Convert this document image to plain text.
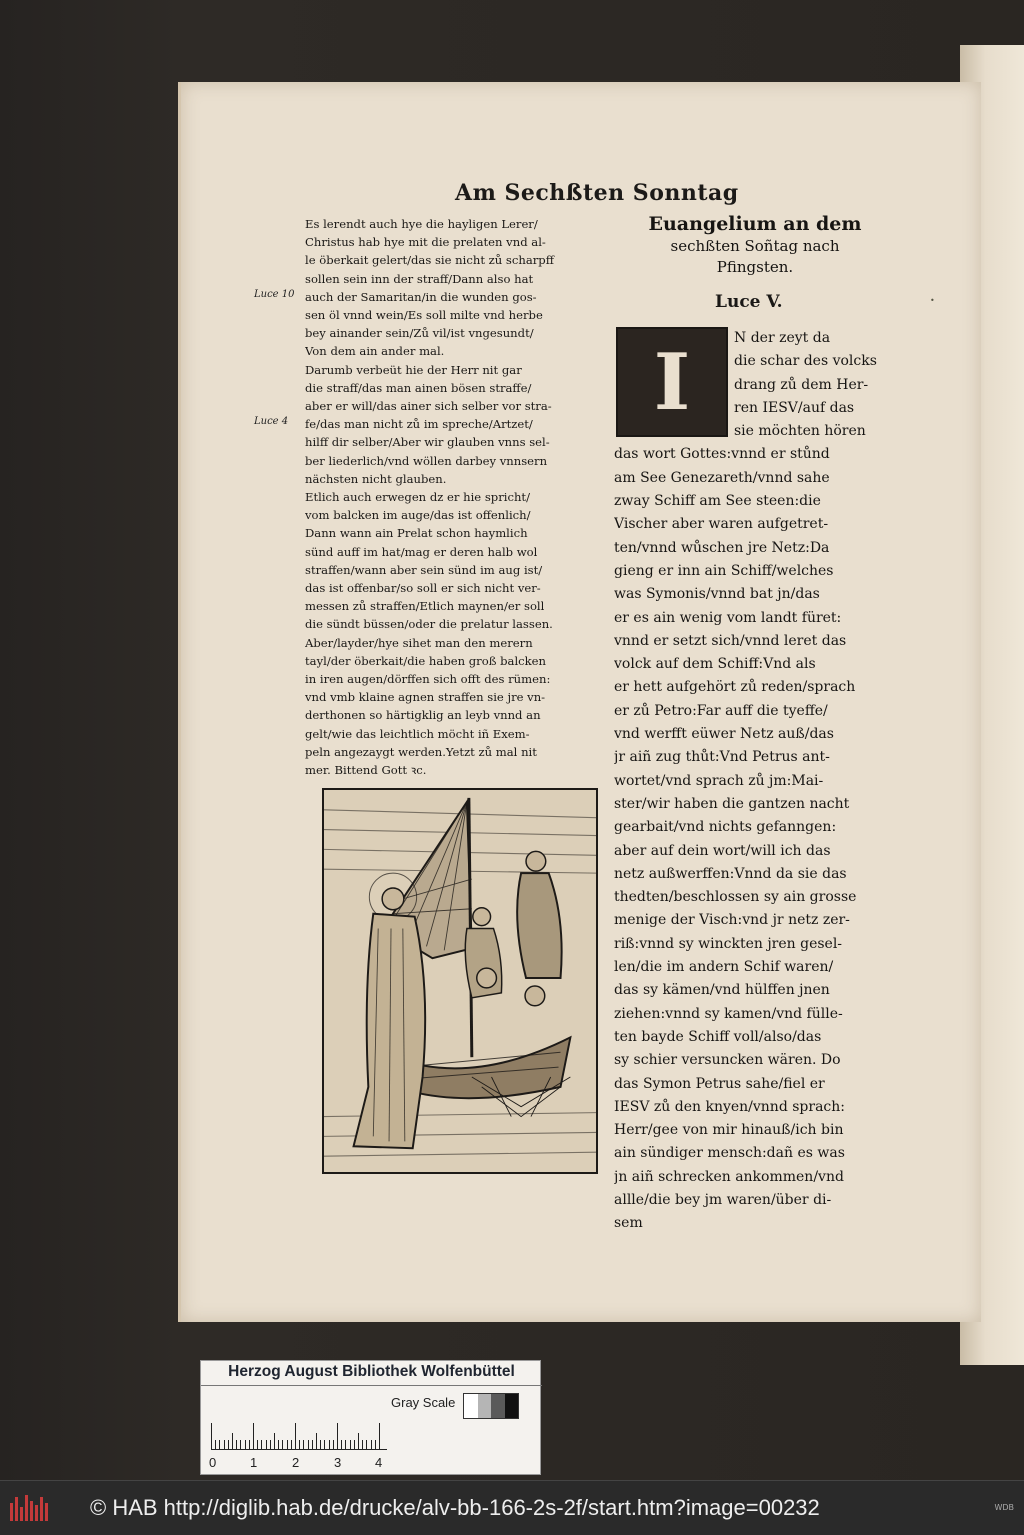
Am Sechßten Sonntag
Luce 10
Luce 4
Es lerendt auch hye die hayligen Lerer/
Christus hab hye mit die prelaten vnd al-
le öberkait gelert/das sie nicht zů scharpff
sollen sein inn der straff/Dann also hat
auch der Samaritan/in die wunden gos-
sen öl vnnd wein/Es soll milte vnd herbe
bey ainander sein/Zů vil/ist vngesundt/
Von dem ain ander mal.
Darumb verbeüt hie der Herr nit gar
die straff/das man ainen bösen straffe/
aber er will/das ainer sich selber vor stra-
fe/das man nicht zů im spreche/Artzet/
hilff dir selber/Aber wir glauben vnns sel-
ber liederlich/vnd wöllen darbey vnnsern
nächsten nicht glauben.
Etlich auch erwegen dz er hie spricht/
vom balcken im auge/das ist offenlich/
Dann wann ain Prelat schon haymlich
sünd auff im hat/mag er deren halb wol
straffen/wann aber sein sünd im aug ist/
das ist offenbar/so soll er sich nicht ver-
messen zů straffen/Etlich maynen/er soll
die sündt büssen/oder die prelatur lassen.
Aber/layder/hye sihet man den merern
tayl/der öberkait/die haben groß balcken
in iren augen/dörffen sich offt des rümen:
vnd vmb klaine agnen straffen sie jre vn-
derthonen so härtigklig an leyb vnnd an
gelt/wie das leichtlich möcht iñ Exem-
peln angezaygt werden.Yetzt zů mal nit
mer. Bittend Gott ꝛc.
Euangelium an dem
sechßten Soñtag nach
Pfingsten.
Luce V.
N der zeyt da
die schar des volcks
drang zů dem Her-
ren IESV/auf das
sie möchten hören
das wort Gottes:vnnd er stůnd
am See Genezareth/vnnd sahe
zway Schiff am See steen:die
Vischer aber waren aufgetret-
ten/vnnd wůschen jre Netz:Da
gieng er inn ain Schiff/welches
was Symonis/vnnd bat jn/das
er es ain wenig vom landt füret:
vnnd er setzt sich/vnnd leret das
volck auf dem Schiff:Vnd als
er hett aufgehört zů reden/sprach
er zů Petro:Far auff die tyeffe/
vnd werfft eüwer Netz auß/das
jr aiñ zug thůt:Vnd Petrus ant-
wortet/vnd sprach zů jm:Mai-
ster/wir haben die gantzen nacht
gearbait/vnd nichts gefanngen:
aber auf dein wort/will ich das
netz außwerffen:Vnnd da sie das
thedten/beschlossen sy ain grosse
menige der Visch:vnd jr netz zer-
riß:vnnd sy winckten jren gesel-
len/die im andern Schif waren/
das sy kämen/vnd hülffen jnen
ziehen:vnnd sy kamen/vnd fülle-
ten bayde Schiff voll/also/das
sy schier versuncken wären. Do
das Symon Petrus sahe/fiel er
IESV zů den knyen/vnnd sprach:
Herr/gee von mir hinauß/ich bin
ain sündiger mensch:dañ es was
jn aiñ schrecken ankommen/vnd
allle/die bey jm waren/über di-
sem
I
•
Herzog August Bibliothek Wolfenbüttel
Gray Scale
0	1	2	3	4
© HAB http://diglib.hab.de/drucke/alv-bb-166-2s-2f/start.htm?image=00232	WDB
